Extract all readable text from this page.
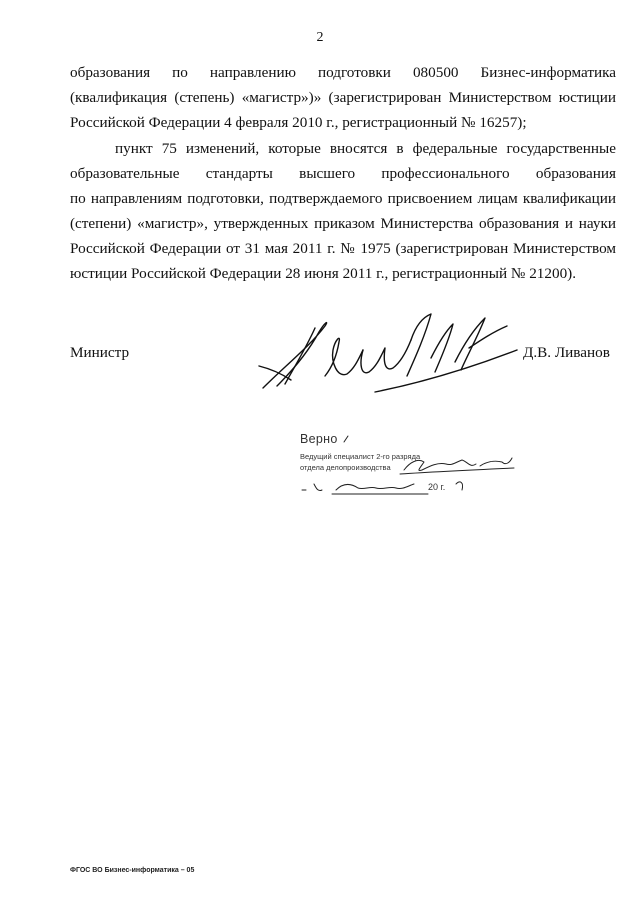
2
образования по направлению подготовки 080500 Бизнес-информатика
(квалификация (степень) «магистр»)» (зарегистрирован Министерством юстиции
Российской Федерации 4 февраля 2010 г., регистрационный № 16257);
пункт 75 изменений, которые вносятся в федеральные государственные
образовательные стандарты высшего профессионального образования
по направлениям подготовки, подтверждаемого присвоением лицам квалификации
(степени) «магистр», утвержденных приказом Министерства образования и науки
Российской Федерации от 31 мая 2011 г. № 1975 (зарегистрирован Министерством
юстиции Российской Федерации 28 июня 2011 г., регистрационный № 21200).
Министр	Д.В. Ливанов
Верно
Ведущий специалист 2-го разряда
отдела делопроизводства
20 г.
ФГОС ВО Бизнес-информатика – 05
